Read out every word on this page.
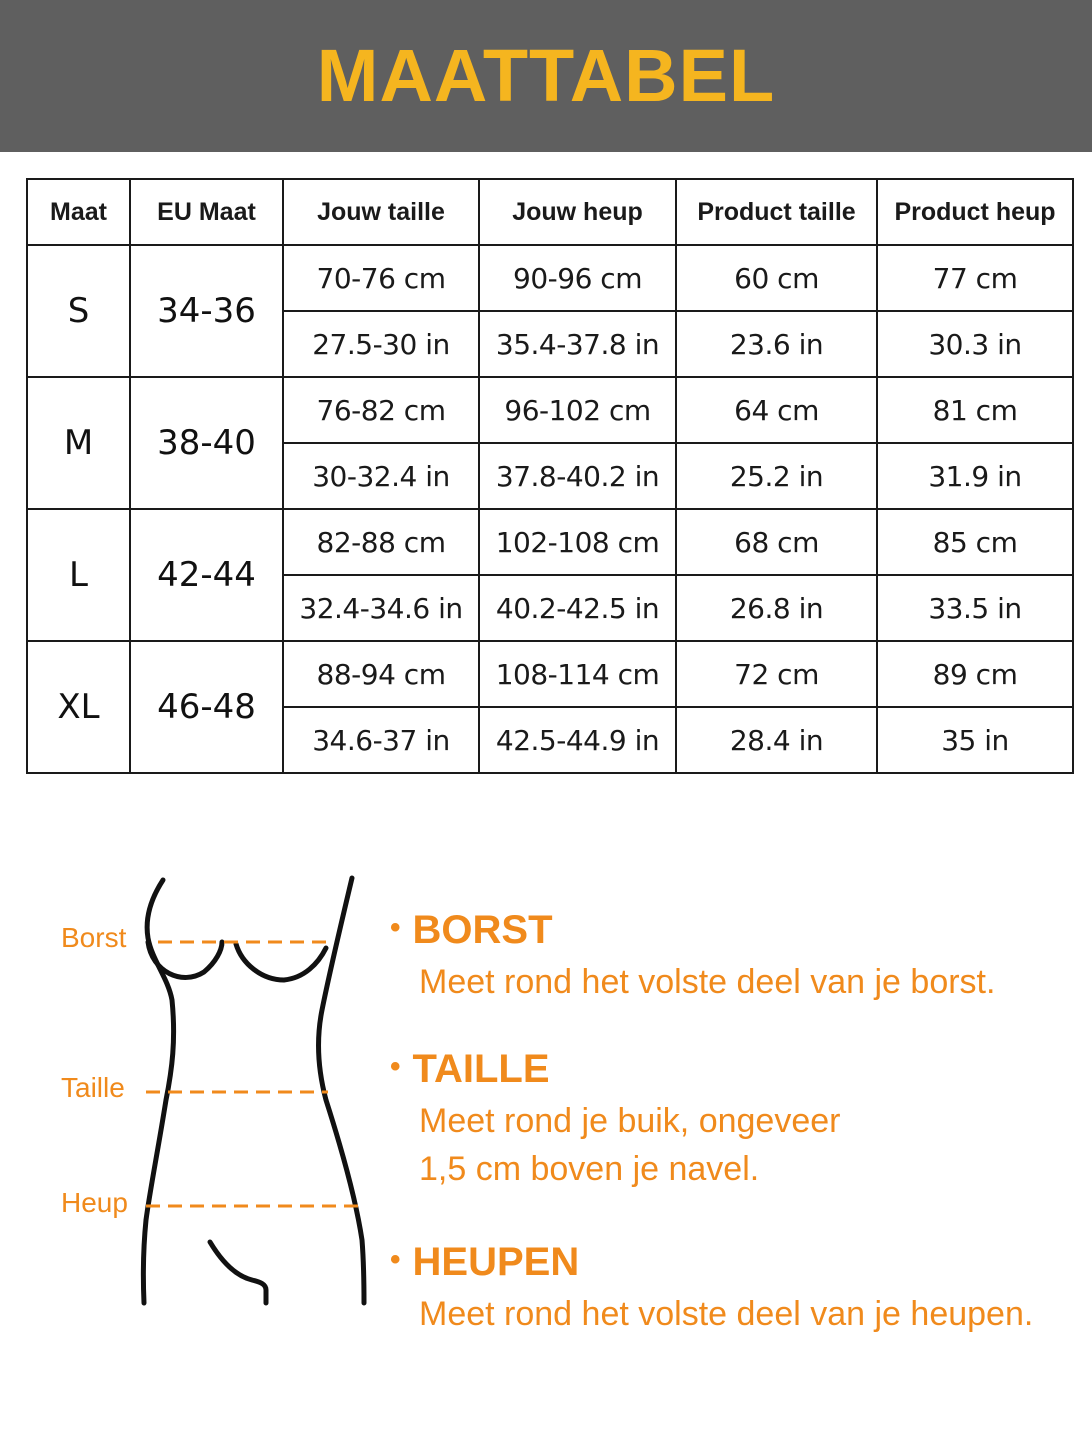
MAATTABEL
Maat	EU Maat	Jouw taille	Jouw heup	Product taille	Product heup
S	34-36	70-76 cm	90-96 cm	60 cm	77 cm
		27.5-30 in	35.4-37.8 in	23.6 in	30.3 in
M	38-40	76-82 cm	96-102 cm	64 cm	81 cm
		30-32.4 in	37.8-40.2 in	25.2 in	31.9 in
L	42-44	82-88 cm	102-108 cm	68 cm	85 cm
		32.4-34.6 in	40.2-42.5 in	26.8 in	33.5 in
XL	46-48	88-94 cm	108-114 cm	72 cm	89 cm
		34.6-37 in	42.5-44.9 in	28.4 in	35 in
Borst
Taille
Heup
• BORST
Meet rond het volste deel van je borst.
• TAILLE
Meet rond je buik, ongeveer
1,5 cm boven je navel.
• HEUPEN
Meet rond het volste deel van je heupen.
